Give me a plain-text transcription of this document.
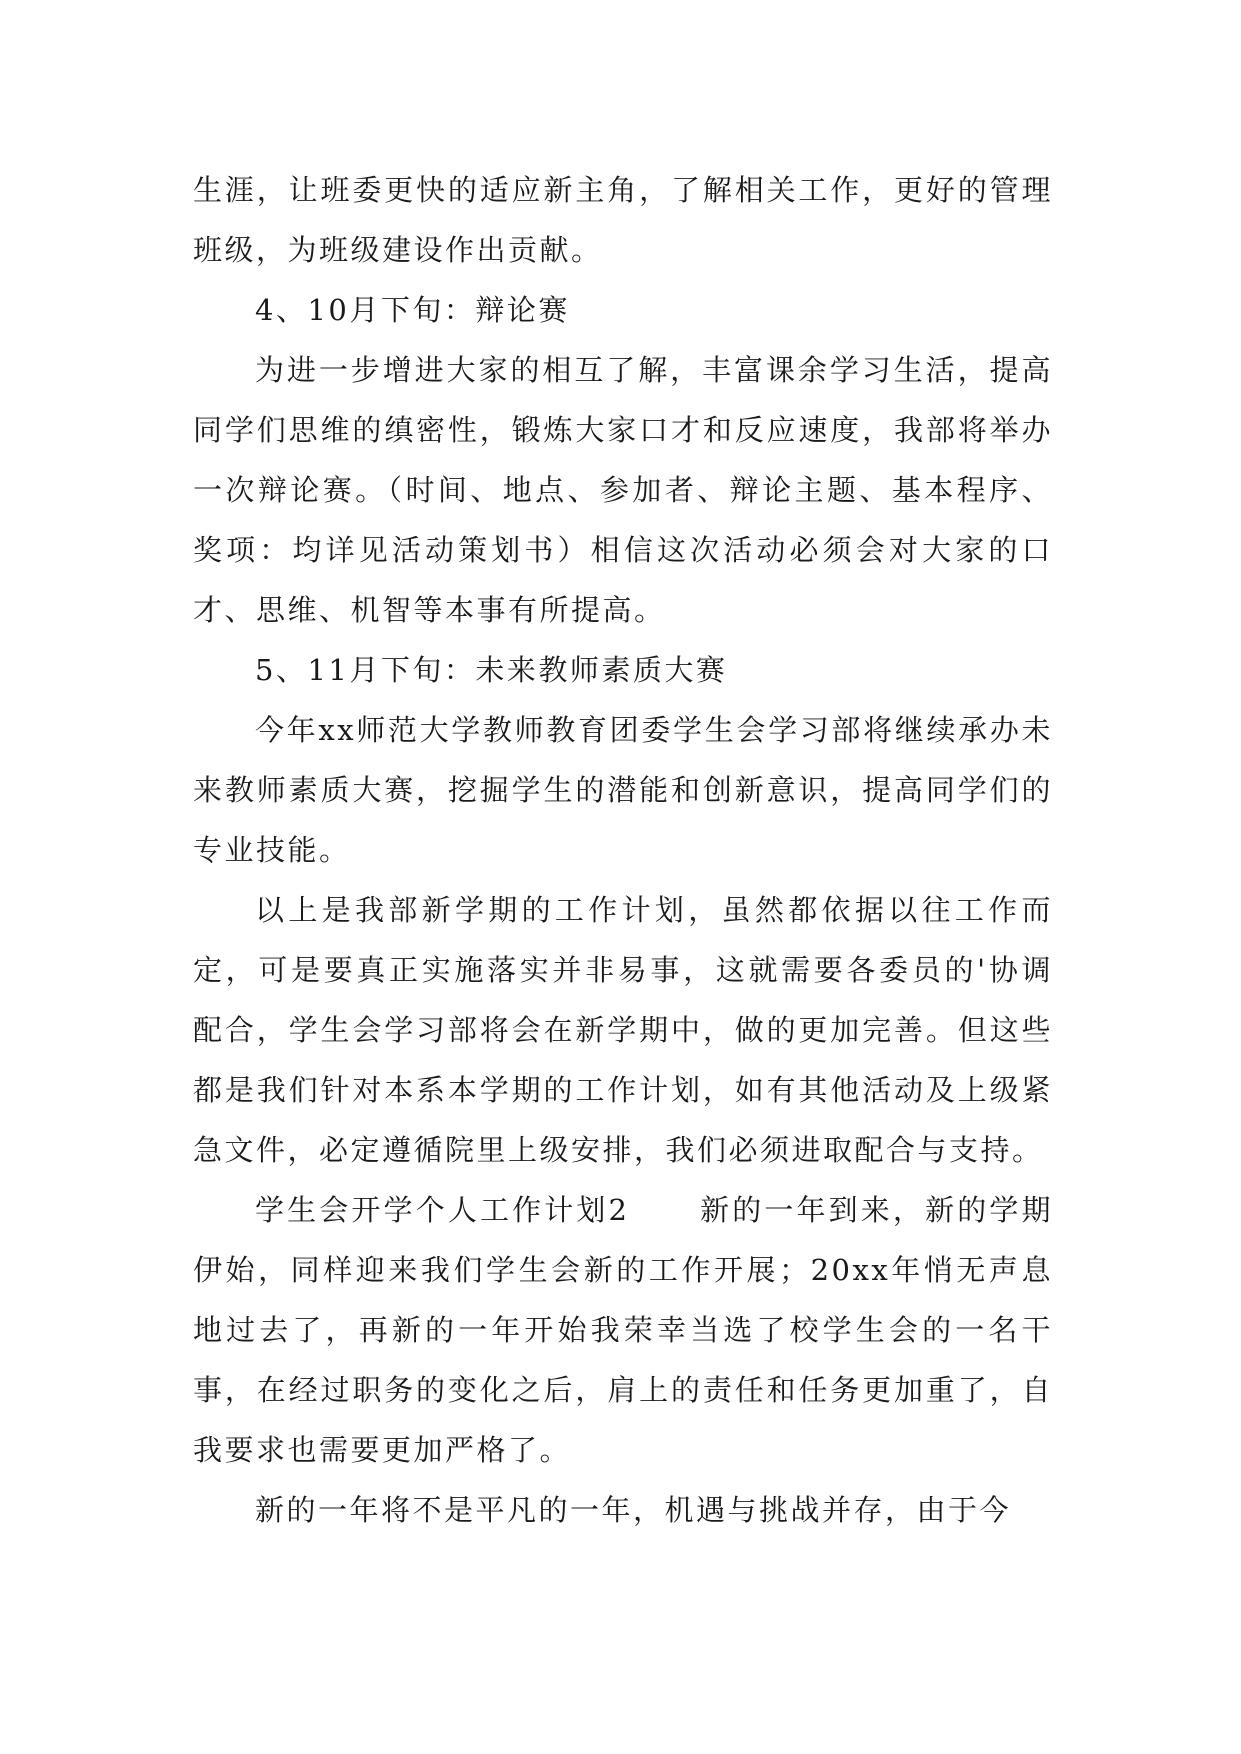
生涯，让班委更快的适应新主角，了解相关工作，更好的管理班级，为班级建设作出贡献。

4、10月下旬：辩论赛

为进一步增进大家的相互了解，丰富课余学习生活，提高同学们思维的缜密性，锻炼大家口才和反应速度，我部将举办一次辩论赛。（时间、地点、参加者、辩论主题、基本程序、奖项：均详见活动策划书）相信这次活动必须会对大家的口才、思维、机智等本事有所提高。

5、11月下旬：未来教师素质大赛

今年xx师范大学教师教育团委学生会学习部将继续承办未来教师素质大赛，挖掘学生的潜能和创新意识，提高同学们的专业技能。

以上是我部新学期的工作计划，虽然都依据以往工作而定，可是要真正实施落实并非易事，这就需要各委员的'协调配合，学生会学习部将会在新学期中，做的更加完善。但这些都是我们针对本系本学期的工作计划，如有其他活动及上级紧急文件，必定遵循院里上级安排，我们必须进取配合与支持。

学生会开学个人工作计划2 新的一年到来，新的学期伊始，同样迎来我们学生会新的工作开展；20xx年悄无声息地过去了，再新的一年开始我荣幸当选了校学生会的一名干事，在经过职务的变化之后，肩上的责任和任务更加重了，自我要求也需要更加严格了。

新的一年将不是平凡的一年，机遇与挑战并存，由于今
